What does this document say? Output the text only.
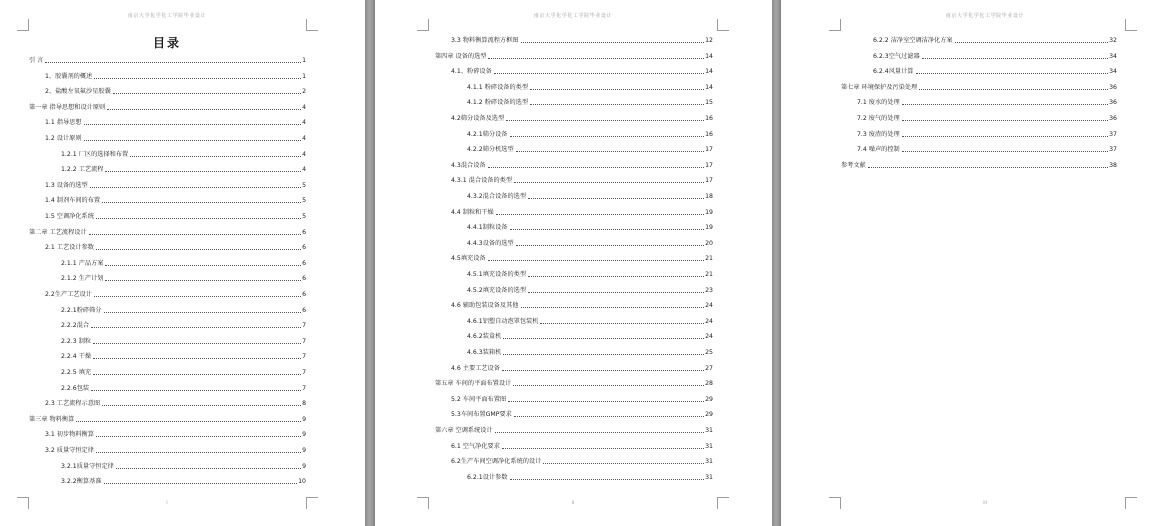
南京大学化学化工学院毕业设计
目录
引 言	1
1、胶囊剂的概述	1
2、盐酸左氧氟沙星胶囊	2
第一章 指导思想和设计原则	4
1.1 指导思想	4
1.2 设计原则	4
1.2.1 厂区的选择和布置	4
1.2.2 工艺流程	4
1.3 设备的选型	5
1.4 制剂车间的布置	5
1.5 空调净化系统	5
第二章 工艺流程设计	6
2.1 工艺设计参数	6
2.1.1 产品方案	6
2.1.2 生产计划	6
2.2生产工艺设计	6
2.2.1粉碎筛分	6
2.2.2混合	7
2.2.3 制粒	7
2.2.4 干燥	7
2.2.5 填充	7
2.2.6包装	7
2.3 工艺流程示意图	8
第三章 物料衡算	9
3.1 初步物料衡算	9
3.2 质量守恒定律	9
3.2.1质量守恒定律	9
3.2.2衡算基准	10
I
南京大学化学化工学院毕业设计
3.3 物料衡算流程方框图	12
第四章 设备的选型	14
4.1、粉碎设备	14
4.1.1 粉碎设备的类型	14
4.1.2 粉碎设备的选型	15
4.2筛分设备及选型	16
4.2.1筛分设备	16
4.2.2筛分机选型	17
4.3混合设备	17
4.3.1 混合设备的类型	17
4.3.2混合设备的选型	18
4.4 制粒和干燥	19
4.4.1制粒设备	19
4.4.3设备的选型	20
4.5填充设备	21
4.5.1填充设备的类型	21
4.5.2填充设备的选型	23
4.6 辅助包装设备及其他	24
4.6.1铝塑自动泡罩包装机	24
4.6.2装盒机	24
4.6.3装箱机	25
4.6 主要工艺设备	27
第五章 车间的平面布置设计	28
5.2 车间平面布置图	29
5.3车间布置GMP要求	29
第六章 空调系统设计	31
6.1 空气净化要求	31
6.2生产车间空调净化系统的设计	31
6.2.1设计参数	31
II
南京大学化学化工学院毕业设计
6.2.2 洁净室空调洁净化方案	32
6.2.3空气过滤器	34
6.2.4风量计算	34
第七章 环境保护及污染处理	36
7.1 废水的处理	36
7.2 废气的处理	36
7.3 废渣的处理	37
7.4 噪声的控制	37
参考文献	38
III
